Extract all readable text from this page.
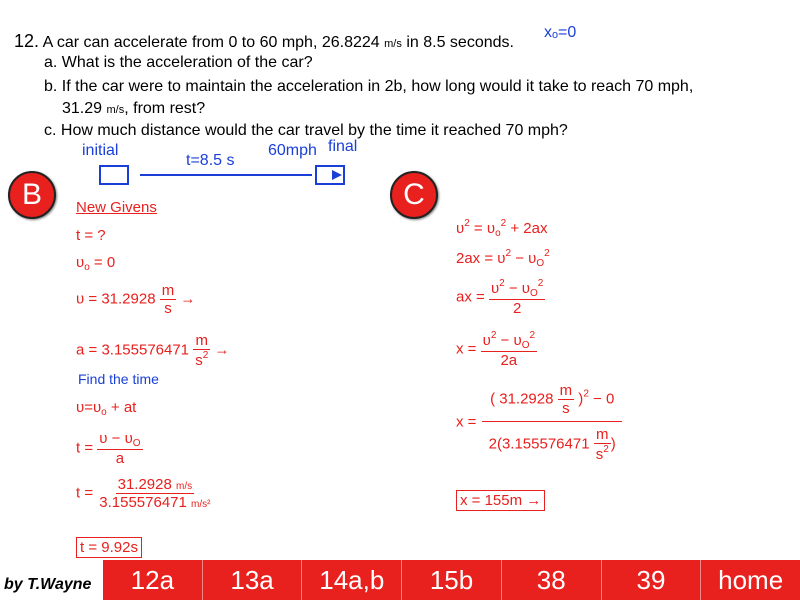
12. A car can accelerate from 0 to 60 mph, 26.8224 m/s in 8.5 seconds.
xₒ=0
a. What is the acceleration of the car?
b. If the car were to maintain the acceleration in 2b, how long would it take to reach 70 mph,
31.29 m/s, from rest?
c. How much distance would the car travel by the time it reached 70 mph?
initial
t=8.5 s
60mph final
B	C
New Givens
t = ?
$\upsilon_o = 0$
$\upsilon = 31.2928 \frac{m}{s}$ →
$a = 3.155576471 \frac{m}{s^2}$ →
Find the time
$\upsilon=\upsilon_o$ + at
$t = \frac{\upsilon - \upsilon_O}{a}$
$t = \frac{31.2928 m/s}{\text{3.155576471 m/s²}}$
t = 9.92s
$\upsilon^2 = \upsilon_o^2 + 2ax$
$2ax = \upsilon^2 - \upsilon_O^2$
ax = $\frac{\upsilon^2 - \upsilon_O^2}{2}$
$x = \frac{\upsilon^2 - \upsilon_O^2}{2a}$
$x = \frac{( 31.2928 \frac{m}{s} )^2 - 0}{2(3.155576471 \frac{m}{s^2} )}$
x = 155m →
by T.Wayne	12a	13a	14a,b	15b	38	39	home
